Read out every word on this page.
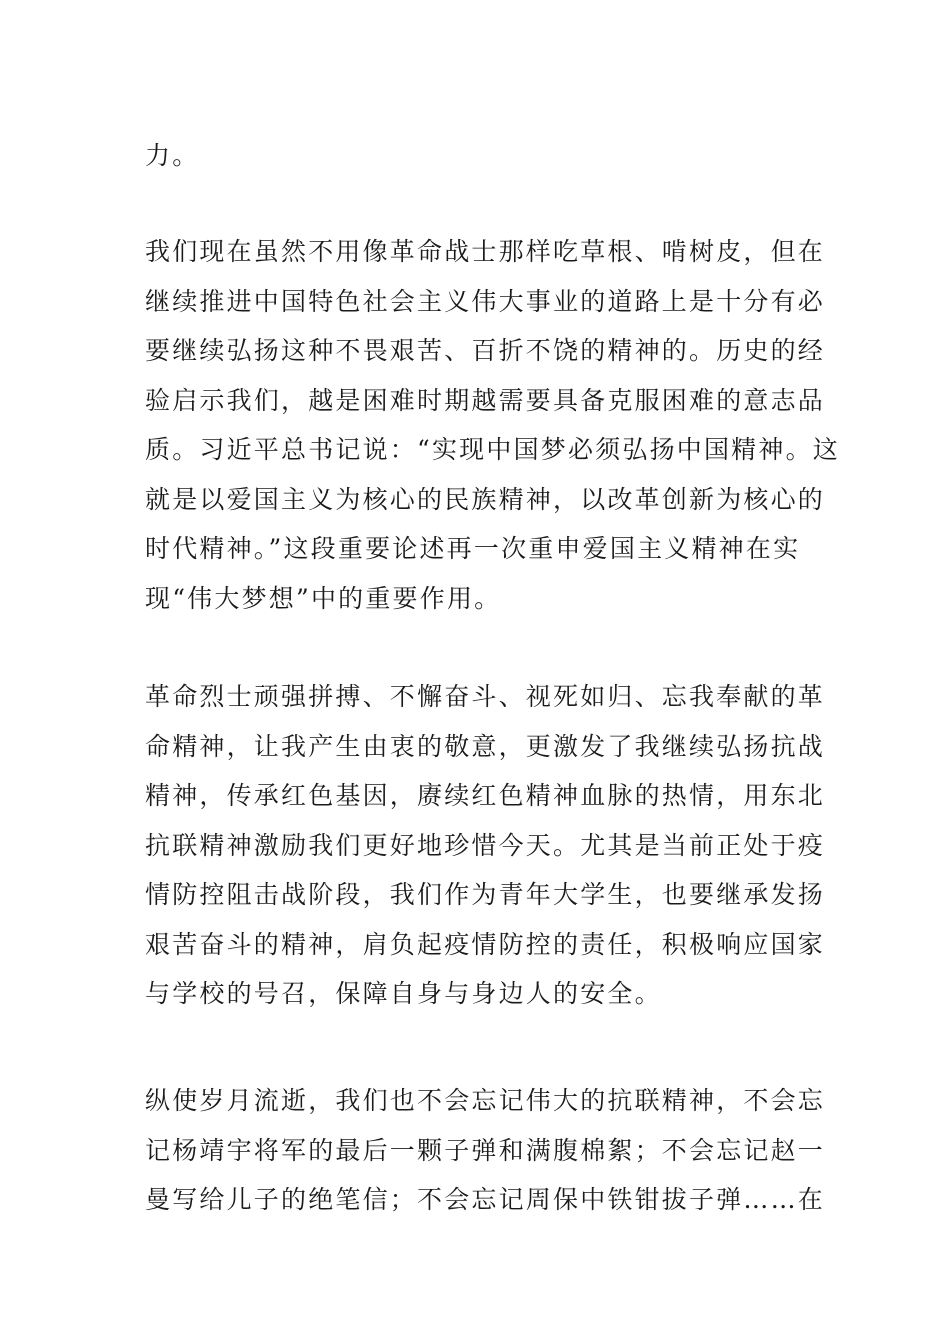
力。
我们现在虽然不用像革命战士那样吃草根、啃树皮，但在
继续推进中国特色社会主义伟大事业的道路上是十分有必
要继续弘扬这种不畏艰苦、百折不饶的精神的。历史的经
验启示我们，越是困难时期越需要具备克服困难的意志品
质。习近平总书记说：“实现中国梦必须弘扬中国精神。这
就是以爱国主义为核心的民族精神，以改革创新为核心的
时代精神。”这段重要论述再一次重申爱国主义精神在实
现“伟大梦想”中的重要作用。
革命烈士顽强拼搏、不懈奋斗、视死如归、忘我奉献的革
命精神，让我产生由衷的敬意，更激发了我继续弘扬抗战
精神，传承红色基因，赓续红色精神血脉的热情，用东北
抗联精神激励我们更好地珍惜今天。尤其是当前正处于疫
情防控阻击战阶段，我们作为青年大学生，也要继承发扬
艰苦奋斗的精神，肩负起疫情防控的责任，积极响应国家
与学校的号召，保障自身与身边人的安全。
纵使岁月流逝，我们也不会忘记伟大的抗联精神，不会忘
记杨靖宇将军的最后一颗子弹和满腹棉絮；不会忘记赵一
曼写给儿子的绝笔信；不会忘记周保中铁钳拔子弹……在
